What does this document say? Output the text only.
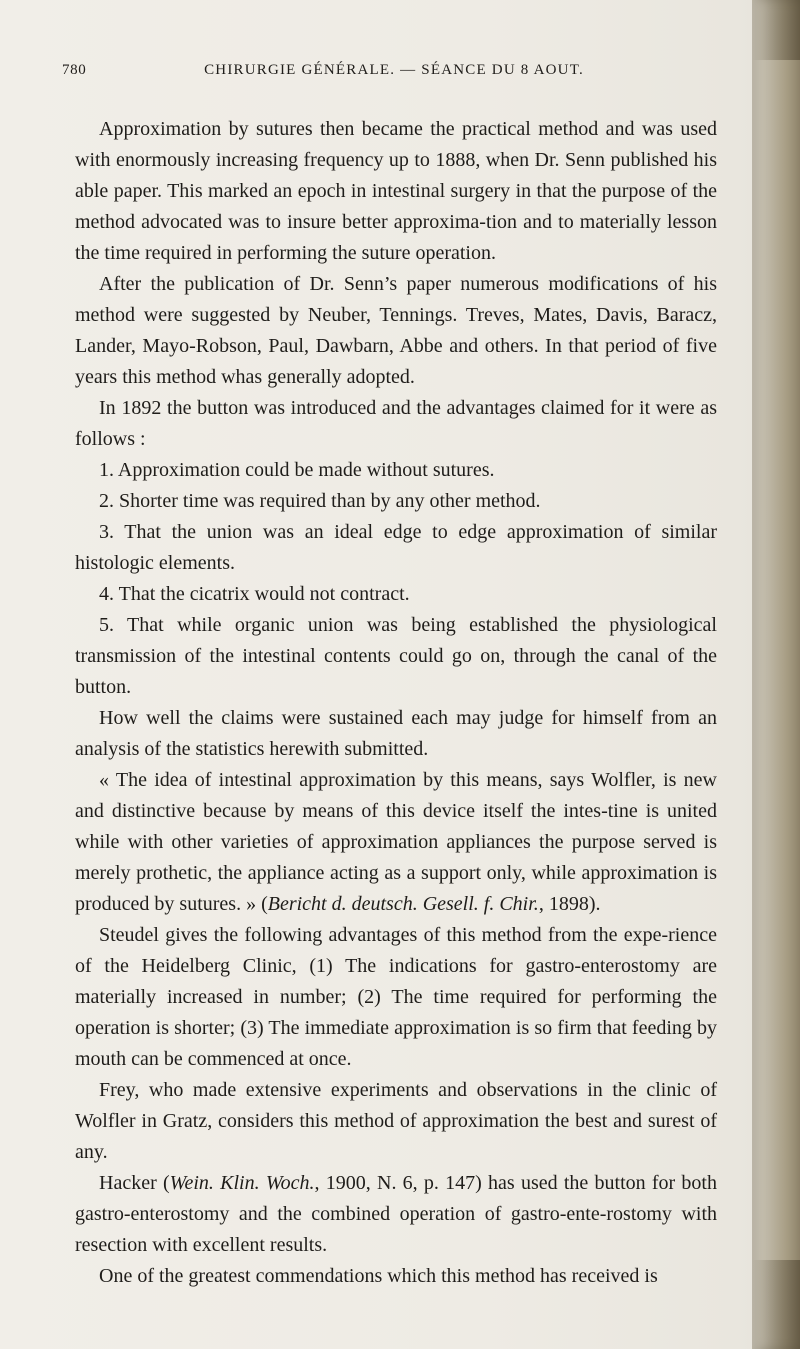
780	CHIRURGIE GÉNÉRALE. — SÉANCE DU 8 AOUT.

Approximation by sutures then became the practical method and was used with enormously increasing frequency up to 1888, when Dr. Senn published his able paper. This marked an epoch in intestinal surgery in that the purpose of the method advocated was to insure better approxima-tion and to materially lesson the time required in performing the suture operation.

After the publication of Dr. Senn’s paper numerous modifications of his method were suggested by Neuber, Tennings. Treves, Mates, Davis, Baracz, Lander, Mayo-Robson, Paul, Dawbarn, Abbe and others. In that period of five years this method whas generally adopted.

In 1892 the button was introduced and the advantages claimed for it were as follows :

1. Approximation could be made without sutures.

2. Shorter time was required than by any other method.

3. That the union was an ideal edge to edge approximation of similar histologic elements.

4. That the cicatrix would not contract.

5. That while organic union was being established the physiological transmission of the intestinal contents could go on, through the canal of the button.

How well the claims were sustained each may judge for himself from an analysis of the statistics herewith submitted.

« The idea of intestinal approximation by this means, says Wolfler, is new and distinctive because by means of this device itself the intes-tine is united while with other varieties of approximation appliances the purpose served is merely prothetic, the appliance acting as a support only, while approximation is produced by sutures. » (Bericht d. deutsch. Gesell. f. Chir., 1898).

Steudel gives the following advantages of this method from the expe-rience of the Heidelberg Clinic, (1) The indications for gastro-enterostomy are materially increased in number; (2) The time required for performing the operation is shorter; (3) The immediate approximation is so firm that feeding by mouth can be commenced at once.

Frey, who made extensive experiments and observations in the clinic of Wolfler in Gratz, considers this method of approximation the best and surest of any.

Hacker (Wein. Klin. Woch., 1900, N. 6, p. 147) has used the button for both gastro-enterostomy and the combined operation of gastro-ente-rostomy with resection with excellent results.

One of the greatest commendations which this method has received is
